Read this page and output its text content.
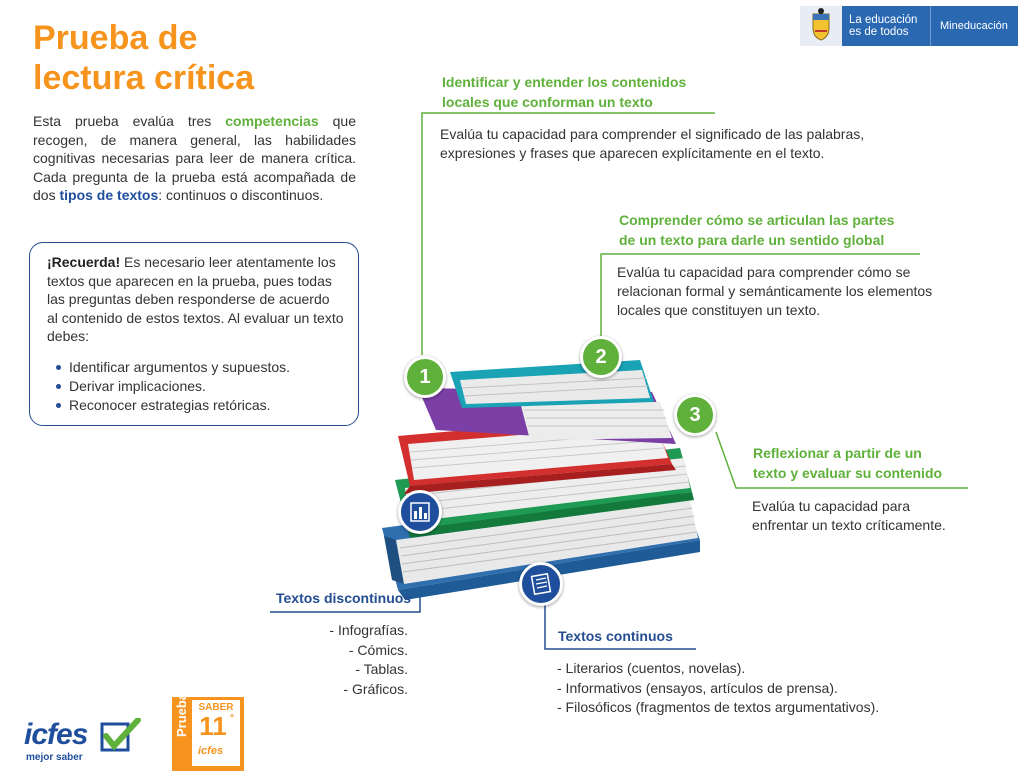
Prueba de
lectura crítica
Esta prueba evalúa tres competencias que recogen, de manera general, las habilidades cognitivas necesarias para leer de manera crítica. Cada pregunta de la prueba está acompañada de dos tipos de textos: continuos o discontinuos.
¡Recuerda! Es necesario leer atentamente los textos que aparecen en la prueba, pues todas las preguntas deben responderse de acuerdo al contenido de estos textos. Al evaluar un texto debes:
Identificar argumentos y supuestos.
Derivar implicaciones.
Reconocer estrategias retóricas.
La educación
es de todos	Mineducación
1
2
3
Identificar y entender los contenidos
locales que conforman un texto
Evalúa tu capacidad para comprender el significado de las palabras,
expresiones y frases que aparecen explícitamente en el texto.
Comprender cómo se articulan las partes
de un texto para darle un sentido global
Evalúa tu capacidad para comprender cómo se
relacionan formal y semánticamente los elementos
locales que constituyen un texto.
Reflexionar a partir de un
texto y evaluar su contenido
Evalúa tu capacidad para
enfrentar un texto críticamente.
Textos discontinuos
- Infografías.
- Cómics.
- Tablas.
- Gráficos.
Textos continuos
- Literarios (cuentos, novelas).
- Informativos (ensayos, artículos de prensa).
- Filosóficos (fragmentos de textos argumentativos).
icfes
mejor saber
Pruebas SABER
11 °
icfes
